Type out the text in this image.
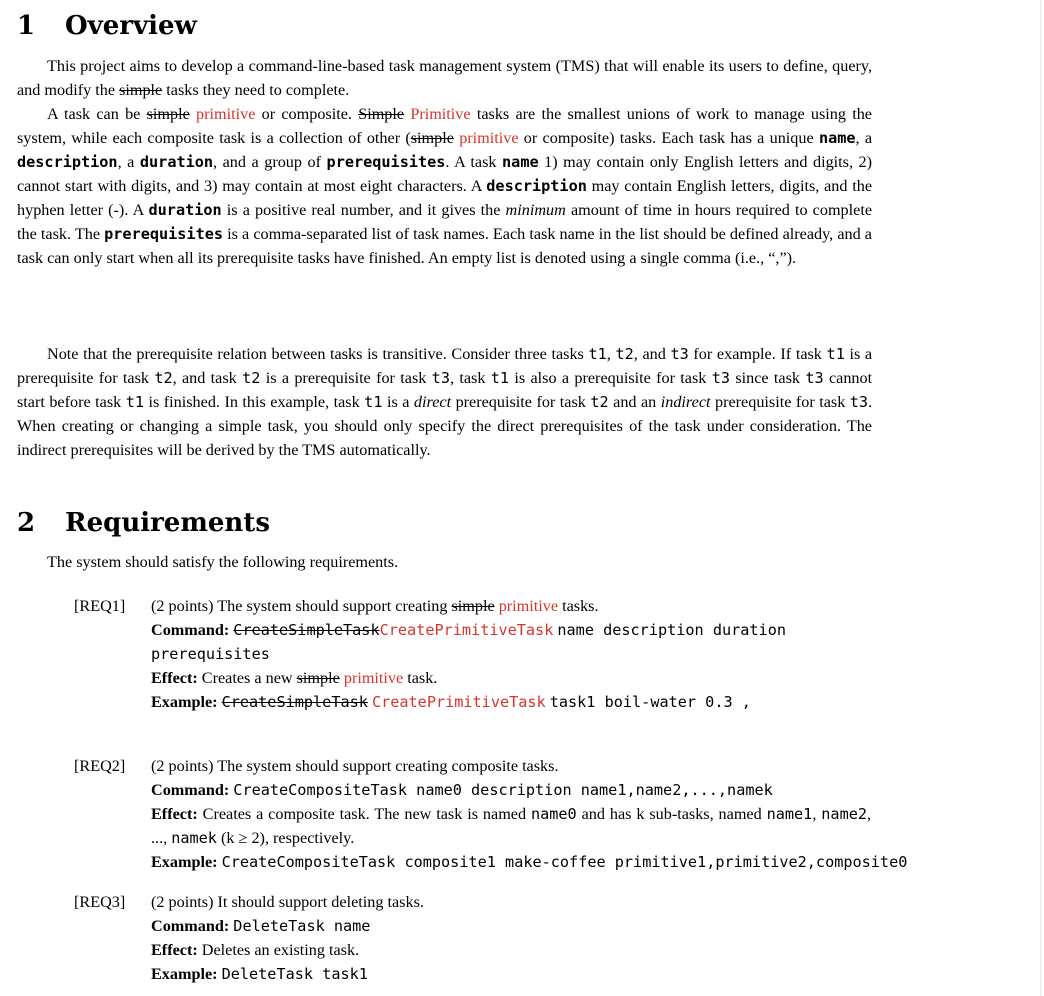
1 Overview

This project aims to develop a command-line-based task management system (TMS) that will enable its users to define, query, and modify the simple tasks they need to complete.

A task can be simple primitive or composite. Simple Primitive tasks are the smallest unions of work to manage using the system, while each composite task is a collection of other (simple primitive or composite) tasks. Each task has a unique name, a description, a duration, and a group of prerequisites. A task name 1) may contain only English letters and digits, 2) cannot start with digits, and 3) may contain at most eight characters. A description may contain English letters, digits, and the hyphen letter (-). A duration is a positive real number, and it gives the minimum amount of time in hours required to complete the task. The prerequisites is a comma-separated list of task names. Each task name in the list should be defined already, and a task can only start when all its prerequisite tasks have finished. An empty list is denoted using a single comma (i.e., “,”).

Note that the prerequisite relation between tasks is transitive. Consider three tasks t1, t2, and t3 for example. If task t1 is a prerequisite for task t2, and task t2 is a prerequisite for task t3, task t1 is also a prerequisite for task t3 since task t3 cannot start before task t1 is finished. In this example, task t1 is a direct prerequisite for task t2 and an indirect prerequisite for task t3. When creating or changing a simple task, you should only specify the direct prerequisites of the task under consideration. The indirect prerequisites will be derived by the TMS automatically.

2 Requirements

The system should satisfy the following requirements.

[REQ1] (2 points) The system should support creating simple primitive tasks.
Command: CreateSimpleTaskCreatePrimitiveTask name description duration
prerequisites
Effect: Creates a new simple primitive task.
Example: CreateSimpleTask CreatePrimitiveTask task1 boil-water 0.3 ,
[REQ2] (2 points) The system should support creating composite tasks.
Command: CreateCompositeTask name0 description name1,name2,...,namek
Effect: Creates a composite task. The new task is named name0 and has k sub-tasks, named name1, name2, ..., namek (k ≥ 2), respectively.
Example: CreateCompositeTask composite1 make-coffee primitive1,primitive2,composite0
[REQ3] (2 points) It should support deleting tasks.
Command: DeleteTask name
Effect: Deletes an existing task.
Example: DeleteTask task1
